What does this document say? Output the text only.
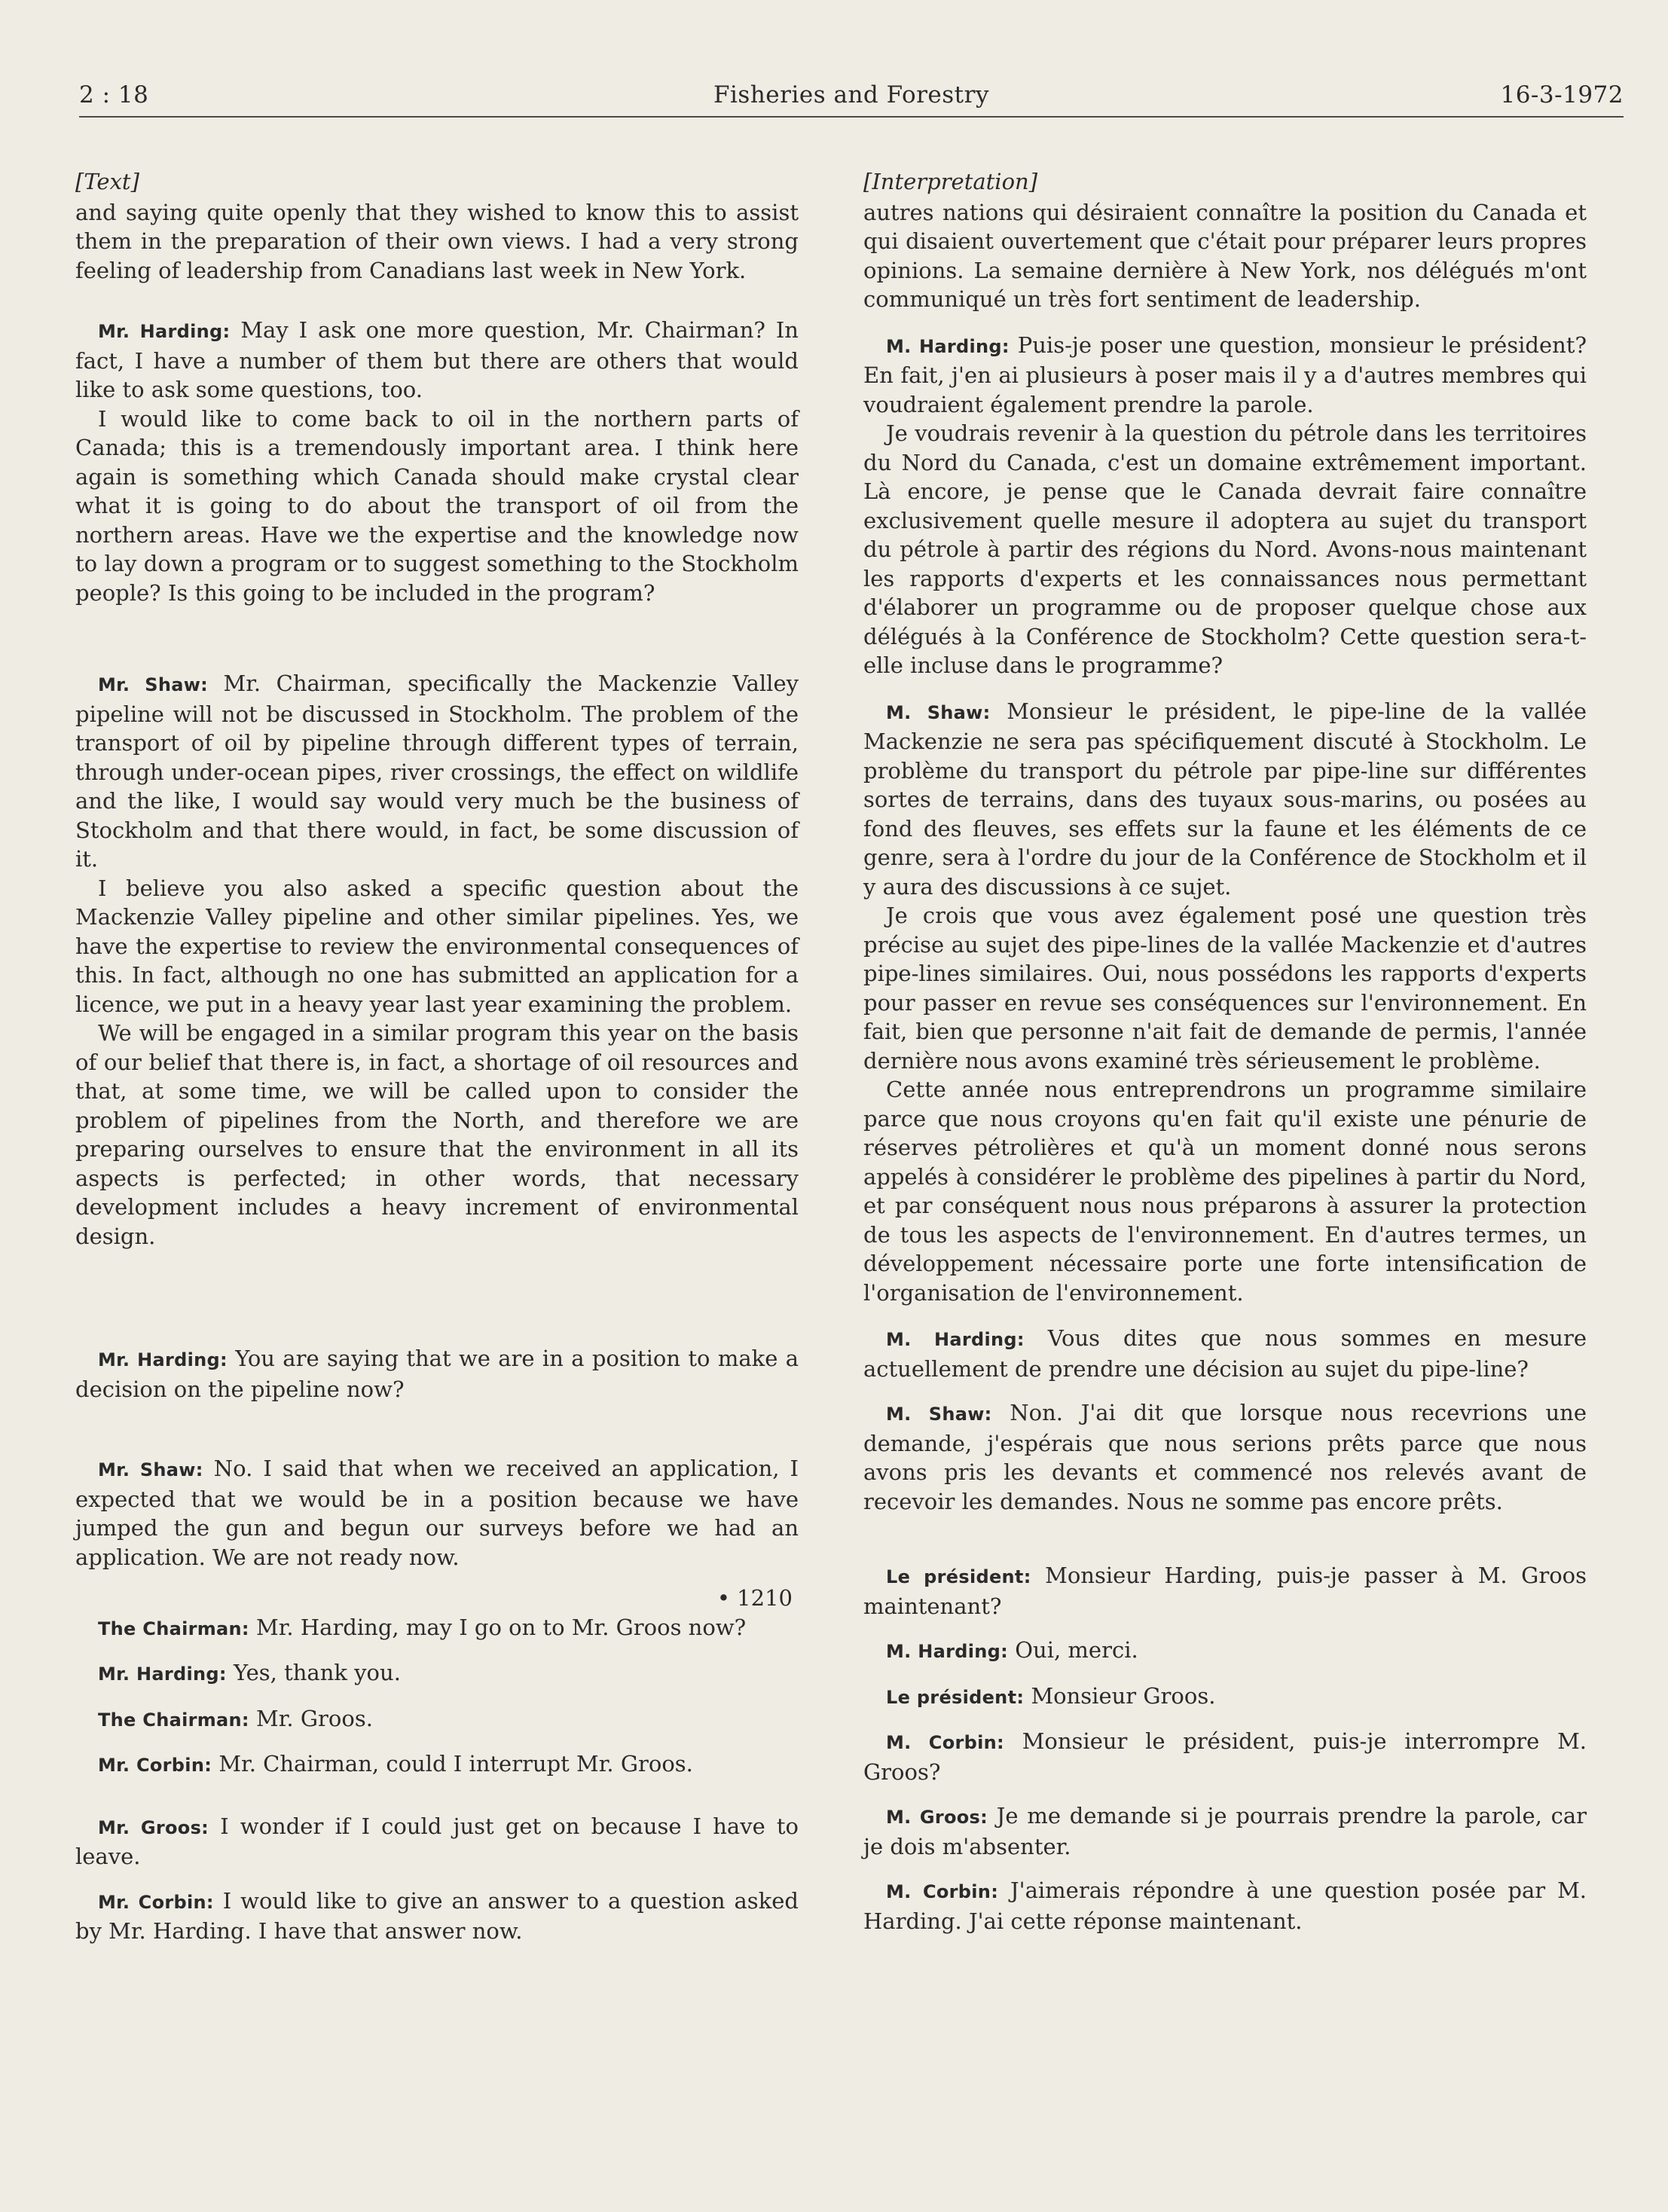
2 : 18	Fisheries and Forestry	16-3-1972
[Text]

and saying quite openly that they wished to know this to assist them in the preparation of their own views. I had a very strong feeling of leadership from Canadians last week in New York.

Mr. Harding: May I ask one more question, Mr. Chairman? In fact, I have a number of them but there are others that would like to ask some questions, too.

I would like to come back to oil in the northern parts of Canada; this is a tremendously important area. I think here again is something which Canada should make crystal clear what it is going to do about the transport of oil from the northern areas. Have we the expertise and the knowledge now to lay down a program or to suggest something to the Stockholm people? Is this going to be included in the program?

Mr. Shaw: Mr. Chairman, specifically the Mackenzie Valley pipeline will not be discussed in Stockholm. The problem of the transport of oil by pipeline through different types of terrain, through under-ocean pipes, river crossings, the effect on wildlife and the like, I would say would very much be the business of Stockholm and that there would, in fact, be some discussion of it.

I believe you also asked a specific question about the Mackenzie Valley pipeline and other similar pipelines. Yes, we have the expertise to review the environmental consequences of this. In fact, although no one has submitted an application for a licence, we put in a heavy year last year examining the problem.

We will be engaged in a similar program this year on the basis of our belief that there is, in fact, a shortage of oil resources and that, at some time, we will be called upon to consider the problem of pipelines from the North, and therefore we are preparing ourselves to ensure that the environment in all its aspects is perfected; in other words, that necessary development includes a heavy increment of environmental design.

Mr. Harding: You are saying that we are in a position to make a decision on the pipeline now?

Mr. Shaw: No. I said that when we received an application, I expected that we would be in a position because we have jumped the gun and begun our surveys before we had an application. We are not ready now.

• 1210

The Chairman: Mr. Harding, may I go on to Mr. Groos now?

Mr. Harding: Yes, thank you.

The Chairman: Mr. Groos.

Mr. Corbin: Mr. Chairman, could I interrupt Mr. Groos.

Mr. Groos: I wonder if I could just get on because I have to leave.

Mr. Corbin: I would like to give an answer to a question asked by Mr. Harding. I have that answer now.

[Interpretation]

autres nations qui désiraient connaître la position du Canada et qui disaient ouvertement que c'était pour préparer leurs propres opinions. La semaine dernière à New York, nos délégués m'ont communiqué un très fort sentiment de leadership.

M. Harding: Puis-je poser une question, monsieur le président? En fait, j'en ai plusieurs à poser mais il y a d'autres membres qui voudraient également prendre la parole.

Je voudrais revenir à la question du pétrole dans les territoires du Nord du Canada, c'est un domaine extrêmement important. Là encore, je pense que le Canada devrait faire connaître exclusivement quelle mesure il adoptera au sujet du transport du pétrole à partir des régions du Nord. Avons-nous maintenant les rapports d'experts et les connaissances nous permettant d'élaborer un programme ou de proposer quelque chose aux délégués à la Conférence de Stockholm? Cette question sera-t-elle incluse dans le programme?

M. Shaw: Monsieur le président, le pipe-line de la vallée Mackenzie ne sera pas spécifiquement discuté à Stockholm. Le problème du transport du pétrole par pipe-line sur différentes sortes de terrains, dans des tuyaux sous-marins, ou posées au fond des fleuves, ses effets sur la faune et les éléments de ce genre, sera à l'ordre du jour de la Conférence de Stockholm et il y aura des discussions à ce sujet.

Je crois que vous avez également posé une question très précise au sujet des pipe-lines de la vallée Mackenzie et d'autres pipe-lines similaires. Oui, nous possédons les rapports d'experts pour passer en revue ses conséquences sur l'environnement. En fait, bien que personne n'ait fait de demande de permis, l'année dernière nous avons examiné très sérieusement le problème.

Cette année nous entreprendrons un programme similaire parce que nous croyons qu'en fait qu'il existe une pénurie de réserves pétrolières et qu'à un moment donné nous serons appelés à considérer le problème des pipelines à partir du Nord, et par conséquent nous nous préparons à assurer la protection de tous les aspects de l'environnement. En d'autres termes, un développement nécessaire porte une forte intensification de l'organisation de l'environnement.

M. Harding: Vous dites que nous sommes en mesure actuellement de prendre une décision au sujet du pipe-line?

M. Shaw: Non. J'ai dit que lorsque nous recevrions une demande, j'espérais que nous serions prêts parce que nous avons pris les devants et commencé nos relevés avant de recevoir les demandes. Nous ne somme pas encore prêts.

Le président: Monsieur Harding, puis-je passer à M. Groos maintenant?

M. Harding: Oui, merci.

Le président: Monsieur Groos.

M. Corbin: Monsieur le président, puis-je interrompre M. Groos?

M. Groos: Je me demande si je pourrais prendre la parole, car je dois m'absenter.

M. Corbin: J'aimerais répondre à une question posée par M. Harding. J'ai cette réponse maintenant.
